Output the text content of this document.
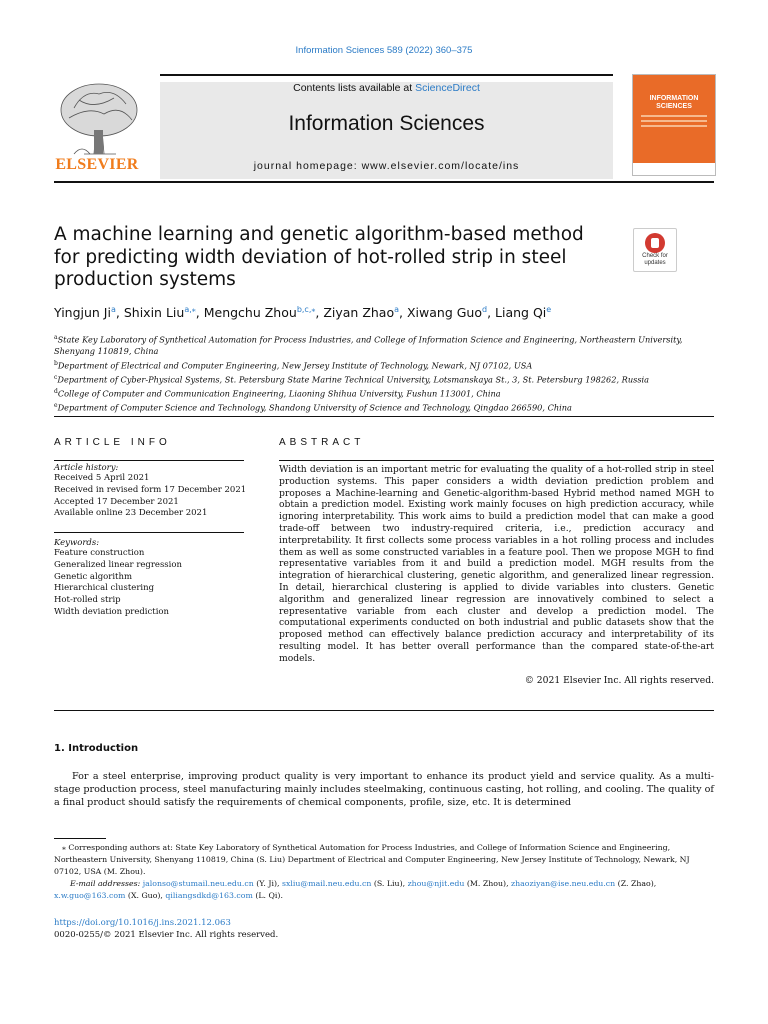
Information Sciences 589 (2022) 360–375
ELSEVIER
Contents lists available at ScienceDirect
Information Sciences
journal homepage: www.elsevier.com/locate/ins
INFORMATION SCIENCES
A machine learning and genetic algorithm-based method for predicting width deviation of hot-rolled strip in steel production systems
Check for updates
Yingjun Ji$^a$, Shixin Liu$^{a,⁎}$, Mengchu Zhou$^{b,c,⁎}$, Ziyan Zhao$^a$, Xiwang Guo$^d$, Liang Qi$^e$
$^a$State Key Laboratory of Synthetical Automation for Process Industries, and College of Information Science and Engineering, Northeastern University, Shenyang 110819, China
$^b$Department of Electrical and Computer Engineering, New Jersey Institute of Technology, Newark, NJ 07102, USA
$^c$Department of Cyber-Physical Systems, St. Petersburg State Marine Technical University, Lotsmanskaya St., 3, St. Petersburg 198262, Russia
$^d$College of Computer and Communication Engineering, Liaoning Shihua University, Fushun 113001, China
$^e$Department of Computer Science and Technology, Shandong University of Science and Technology, Qingdao 266590, China
ARTICLE INFO
Article history:
Received 5 April 2021
Received in revised form 17 December 2021
Accepted 17 December 2021
Available online 23 December 2021
Keywords:
Feature construction
Generalized linear regression
Genetic algorithm
Hierarchical clustering
Hot-rolled strip
Width deviation prediction
ABSTRACT
Width deviation is an important metric for evaluating the quality of a hot-rolled strip in steel production systems. This paper considers a width deviation prediction problem and proposes a Machine-learning and Genetic-algorithm-based Hybrid method named MGH to obtain a prediction model. Existing work mainly focuses on high prediction accuracy, while ignoring interpretability. This work aims to build a prediction model that can make a good trade-off between two industry-required criteria, i.e., prediction accuracy and interpretability. It first collects some process variables in a hot rolling process and includes them as well as some constructed variables in a feature pool. Then we propose MGH to find representative variables from it and build a prediction model. MGH results from the integration of hierarchical clustering, genetic algorithm, and generalized linear regression. In detail, hierarchical clustering is applied to divide variables into clusters. Genetic algorithm and generalized linear regression are innovatively combined to select a representative variable from each cluster and develop a prediction model. The computational experiments conducted on both industrial and public datasets show that the proposed method can effectively balance prediction accuracy and interpretability of its resulting model. It has better overall performance than the compared state-of-the-art models.
© 2021 Elsevier Inc. All rights reserved.
1. Introduction
For a steel enterprise, improving product quality is very important to enhance its product yield and service quality. As a multi-stage production process, steel manufacturing mainly includes steelmaking, continuous casting, hot rolling, and cooling. The quality of a final product should satisfy the requirements of chemical components, profile, size, etc. It is determined
⁎ Corresponding authors at: State Key Laboratory of Synthetical Automation for Process Industries, and College of Information Science and Engineering, Northeastern University, Shenyang 110819, China (S. Liu) Department of Electrical and Computer Engineering, New Jersey Institute of Technology, Newark, NJ 07102, USA (M. Zhou).
E-mail addresses: jalonso@stumail.neu.edu.cn (Y. Ji), sxliu@mail.neu.edu.cn (S. Liu), zhou@njit.edu (M. Zhou), zhaoziyan@ise.neu.edu.cn (Z. Zhao), x.w.guo@163.com (X. Guo), qiliangsdkd@163.com (L. Qi).
https://doi.org/10.1016/j.ins.2021.12.063
0020-0255/© 2021 Elsevier Inc. All rights reserved.
